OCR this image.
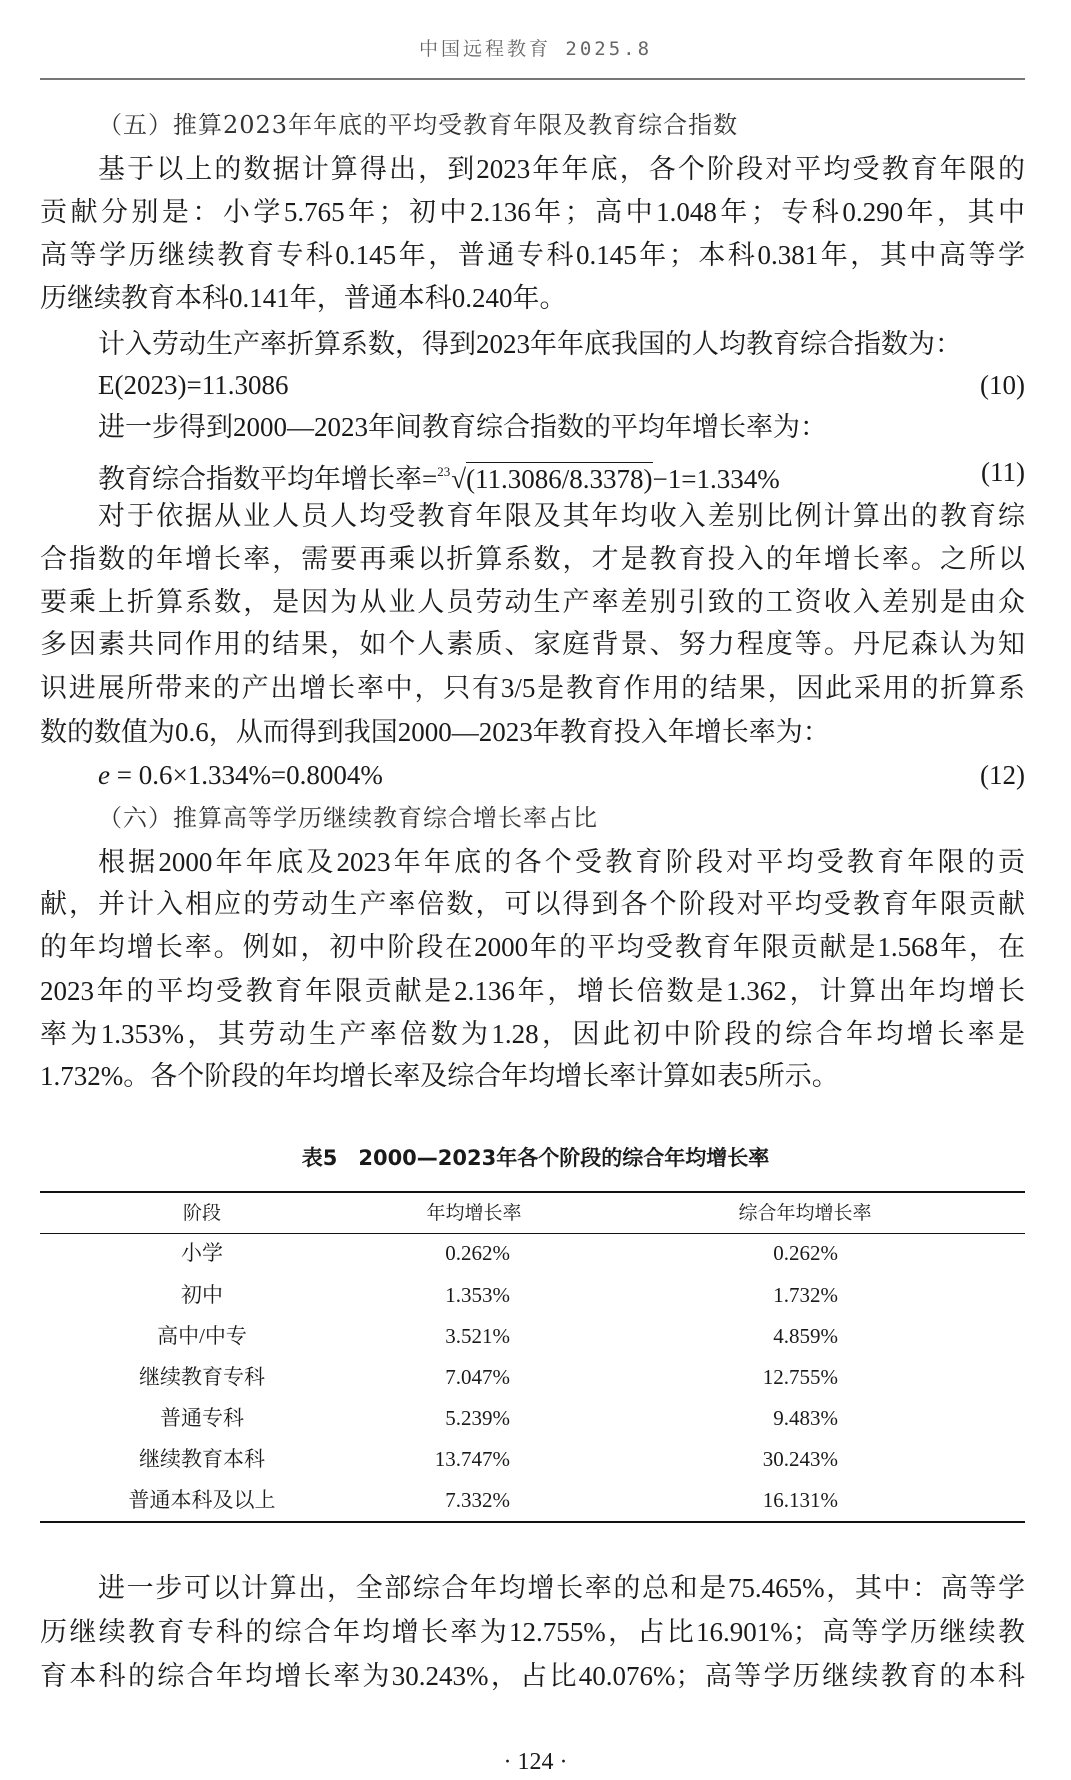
中国远程教育 2025.8
（五）推算2023年年底的平均受教育年限及教育综合指数
基于以上的数据计算得出，到2023年年底，各个阶段对平均受教育年限的
贡献分别是：小学5.765年；初中2.136年；高中1.048年；专科0.290年，其中
高等学历继续教育专科0.145年，普通专科0.145年；本科0.381年，其中高等学
历继续教育本科0.141年，普通本科0.240年。
计入劳动生产率折算系数，得到2023年年底我国的人均教育综合指数为：
E(2023)=11.3086	(10)
进一步得到2000—2023年间教育综合指数的平均年增长率为：
教育综合指数平均年增长率=$^{23}$√(11.3086/8.3378)−1=1.334%	(11)
对于依据从业人员人均受教育年限及其年均收入差别比例计算出的教育综
合指数的年增长率，需要再乘以折算系数，才是教育投入的年增长率。之所以
要乘上折算系数，是因为从业人员劳动生产率差别引致的工资收入差别是由众
多因素共同作用的结果，如个人素质、家庭背景、努力程度等。丹尼森认为知
识进展所带来的产出增长率中，只有3/5是教育作用的结果，因此采用的折算系
数的数值为0.6，从而得到我国2000—2023年教育投入年增长率为：
e = 0.6×1.334%=0.8004%	(12)
（六）推算高等学历继续教育综合增长率占比
根据2000年年底及2023年年底的各个受教育阶段对平均受教育年限的贡
献，并计入相应的劳动生产率倍数，可以得到各个阶段对平均受教育年限贡献
的年均增长率。例如，初中阶段在2000年的平均受教育年限贡献是1.568年，在
2023年的平均受教育年限贡献是2.136年，增长倍数是1.362，计算出年均增长
率为1.353%，其劳动生产率倍数为1.28，因此初中阶段的综合年均增长率是
1.732%。各个阶段的年均增长率及综合年均增长率计算如表5所示。
表5　2000—2023年各个阶段的综合年均增长率
阶段	年均增长率	综合年均增长率
小学	0.262%	0.262%
初中	1.353%	1.732%
高中/中专	3.521%	4.859%
继续教育专科	7.047%	12.755%
普通专科	5.239%	9.483%
继续教育本科	13.747%	30.243%
普通本科及以上	7.332%	16.131%
进一步可以计算出，全部综合年均增长率的总和是75.465%，其中：高等学
历继续教育专科的综合年均增长率为12.755%，占比16.901%；高等学历继续教
育本科的综合年均增长率为30.243%，占比40.076%；高等学历继续教育的本科
· 124 ·
